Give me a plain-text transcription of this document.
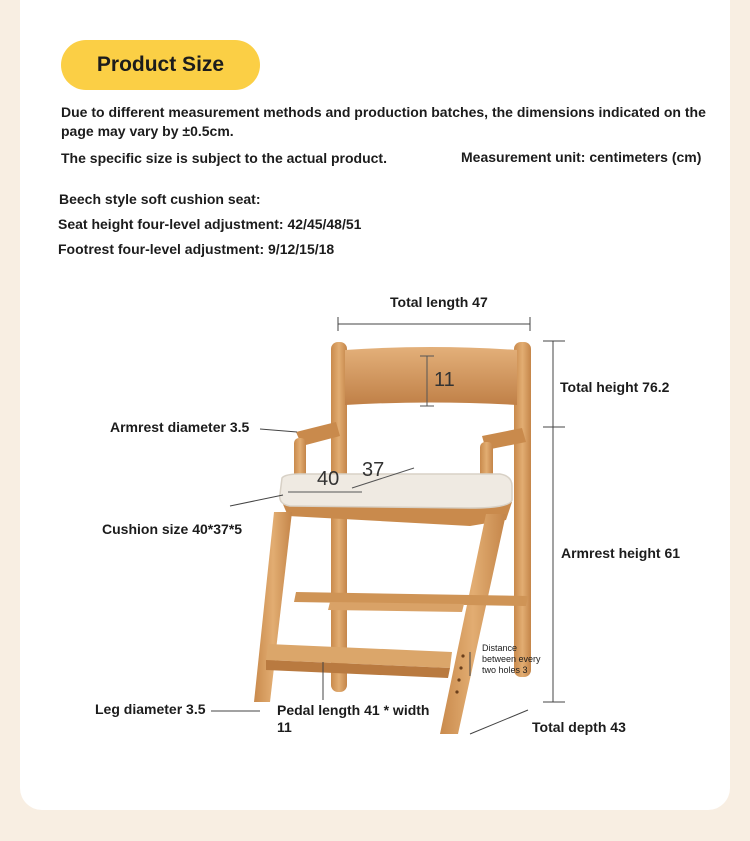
Product Size
Due to different measurement methods and production batches, the dimensions indicated on the page may vary by ±0.5cm.
The specific size is subject to the actual product.	Measurement unit: centimeters (cm)
Beech style soft cushion seat:
Seat height four-level adjustment: 42/45/48/51
Footrest four-level adjustment: 9/12/15/18
Total length 47
11	Total height 76.2
Armrest diameter 3.5
40 37
Cushion size 40*37*5
Armrest height 61
Distance between every two holes 3
Leg diameter 3.5	Pedal length 41 * width 11	Total depth 43
